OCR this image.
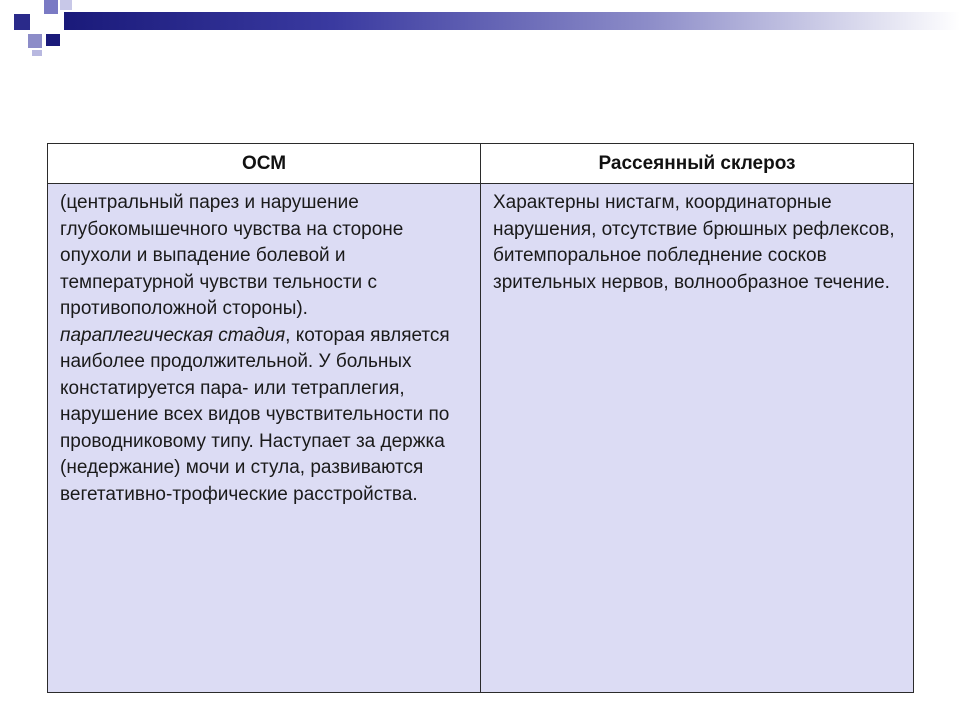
ОСМ	Рассеянный склероз
(центральный парез и нарушение глубокомышечного чувства на стороне опухоли и выпадение болевой и температурной чувстви тельности с противоположной стороны).
параплегическая стадия, которая является наиболее продолжительной. У больных констатируется пара- или тетраплегия, нарушение всех видов чувствительности по проводниковому типу. Наступает за держка (недержание) мочи и стула, развиваются вегетативно-трофические расстройства.	Характерны нистагм, координаторные нарушения, отсутствие брюшных рефлексов, битемпоральное побледнение сосков зрительных нервов, волнообразное течение.
